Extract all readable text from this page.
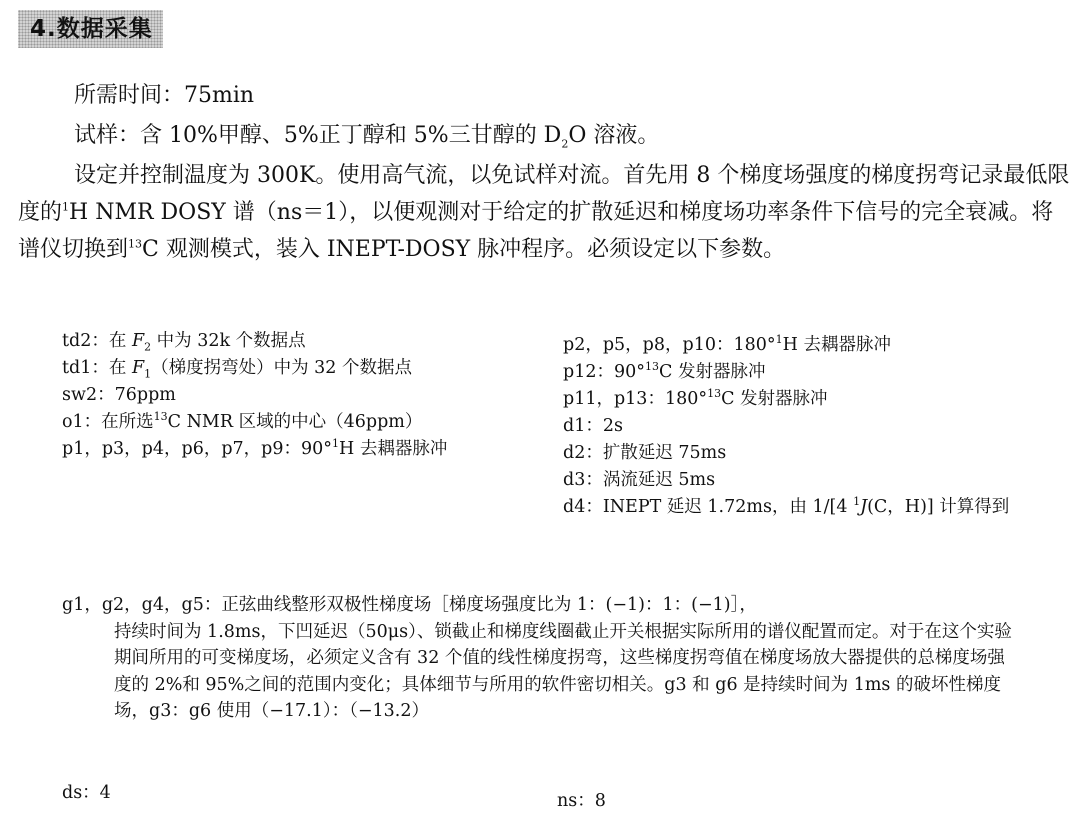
4.数据采集
所需时间：75min
试样：含 10%甲醇、5%正丁醇和 5%三甘醇的 $D_2O$ 溶液。
设定并控制温度为 300K。使用高气流，以免试样对流。首先用 8 个梯度场强度的梯度拐弯记录最低限度的$^1$H NMR DOSY 谱（ns＝1），以便观测对于给定的扩散延迟和梯度场功率条件下信号的完全衰减。将谱仪切换到$^{13}$C 观测模式，装入 INEPT-DOSY 脉冲程序。必须设定以下参数。
td2：在 $F_2$ 中为 32k 个数据点
td1：在 $F_1$（梯度拐弯处）中为 32 个数据点
sw2：76ppm
o1：在所选$^{13}$C NMR 区域的中心（46ppm）
p1，p3，p4，p6，p7，p9：90°$^1$H 去耦器脉冲
p2，p5，p8，p10：180°$^1$H 去耦器脉冲
p12：90°$^{13}$C 发射器脉冲
p11，p13：180°$^{13}$C 发射器脉冲
d1：2s
d2：扩散延迟 75ms
d3：涡流延迟 5ms
d4：INEPT 延迟 1.72ms，由 1/[4 $^1$J(C，H)] 计算得到
g1，g2，g4，g5：正弦曲线整形双极性梯度场［梯度场强度比为 1：(−1)：1：(−1)］，
持续时间为 1.8ms，下凹延迟（50μs）、锁截止和梯度线圈截止开关根据实际所用的谱仪配置而定。对于在这个实验期间所用的可变梯度场，必须定义含有 32 个值的线性梯度拐弯，这些梯度拐弯值在梯度场放大器提供的总梯度场强度的 2%和 95%之间的范围内变化；具体细节与所用的软件密切相关。g3 和 g6 是持续时间为 1ms 的破坏性梯度场，g3：g6 使用（−17.1）：（−13.2）
ds：4	ns：8
